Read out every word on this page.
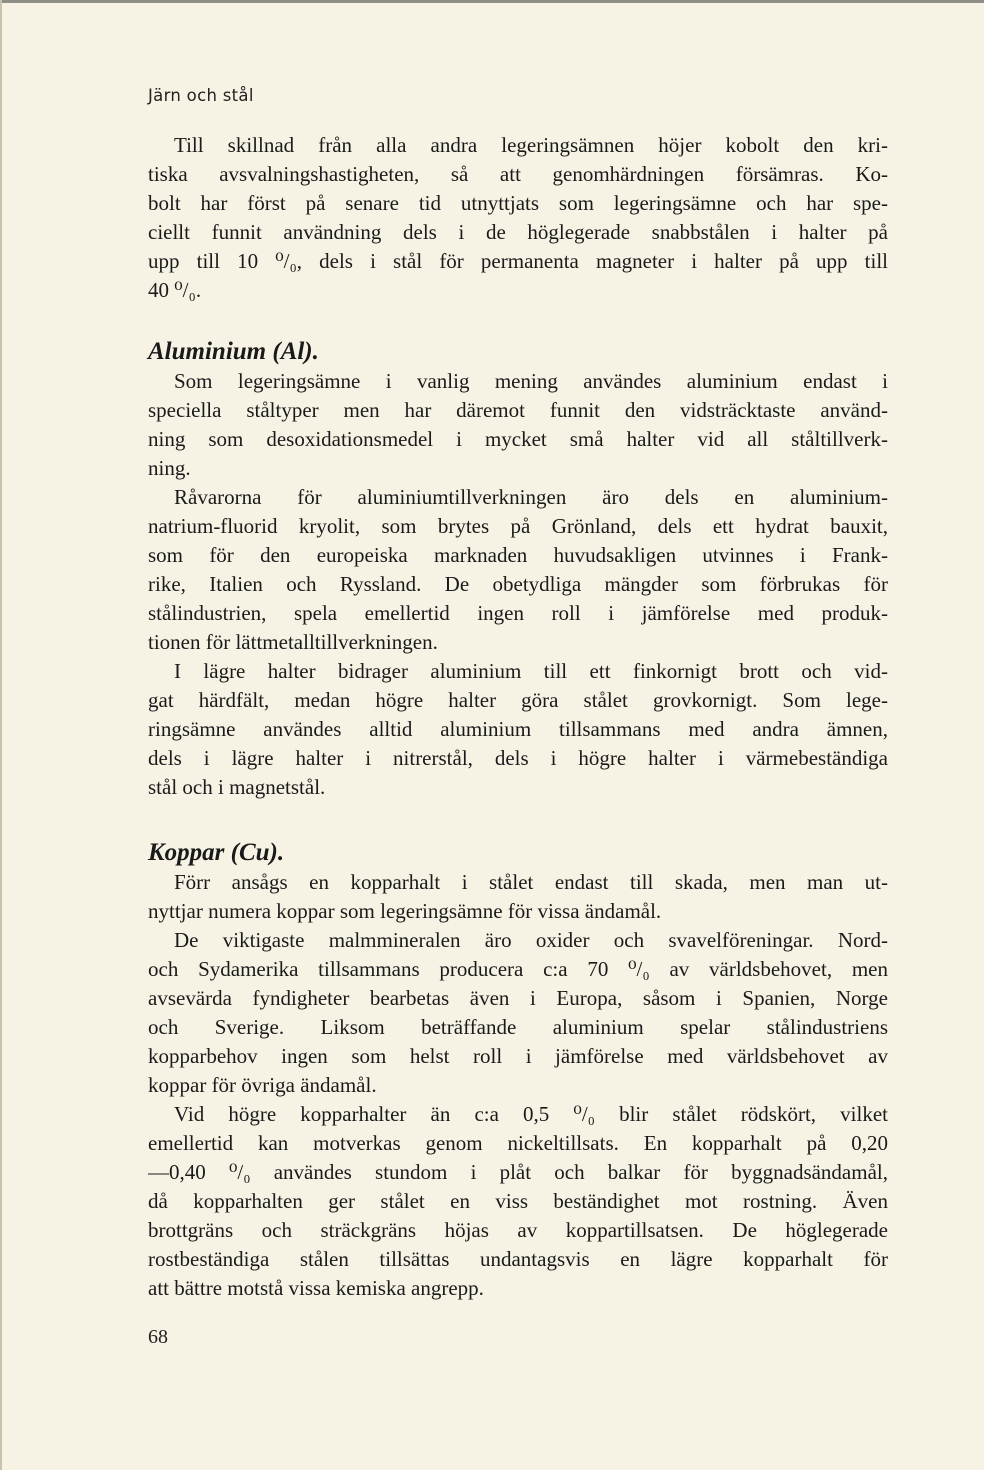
Järn och stål

Till skillnad från alla andra legeringsämnen höjer kobolt den kri-
tiska avsvalningshastigheten, så att genomhärdningen försämras. Ko-
bolt har först på senare tid utnyttjats som legeringsämne och har spe-
ciellt funnit användning dels i de höglegerade snabbstålen i halter på
upp till 10 ⁰/₀, dels i stål för permanenta magneter i halter på upp till
40 ⁰/₀.

Aluminium (Al).

Som legeringsämne i vanlig mening användes aluminium endast i
speciella ståltyper men har däremot funnit den vidsträcktaste använd-
ning som desoxidationsmedel i mycket små halter vid all ståltillverk-
ning.

Råvarorna för aluminiumtillverkningen äro dels en aluminium-
natrium-fluorid kryolit, som brytes på Grönland, dels ett hydrat bauxit,
som för den europeiska marknaden huvudsakligen utvinnes i Frank-
rike, Italien och Ryssland. De obetydliga mängder som förbrukas för
stålindustrien, spela emellertid ingen roll i jämförelse med produk-
tionen för lättmetalltillverkningen.

I lägre halter bidrager aluminium till ett finkornigt brott och vid-
gat härdfält, medan högre halter göra stålet grovkornigt. Som lege-
ringsämne användes alltid aluminium tillsammans med andra ämnen,
dels i lägre halter i nitrerstål, dels i högre halter i värmebeständiga
stål och i magnetstål.

Koppar (Cu).

Förr ansågs en kopparhalt i stålet endast till skada, men man ut-
nyttjar numera koppar som legeringsämne för vissa ändamål.

De viktigaste malmmineralen äro oxider och svavelföreningar. Nord-
och Sydamerika tillsammans producera c:a 70 ⁰/₀ av världsbehovet, men
avsevärda fyndigheter bearbetas även i Europa, såsom i Spanien, Norge
och Sverige. Liksom beträffande aluminium spelar stålindustriens
kopparbehov ingen som helst roll i jämförelse med världsbehovet av
koppar för övriga ändamål.

Vid högre kopparhalter än c:a 0,5 ⁰/₀ blir stålet rödskört, vilket
emellertid kan motverkas genom nickeltillsats. En kopparhalt på 0,20
—0,40 ⁰/₀ användes stundom i plåt och balkar för byggnadsändamål,
då kopparhalten ger stålet en viss beständighet mot rostning. Även
brottgräns och sträckgräns höjas av koppartillsatsen. De höglegerade
rostbeständiga stålen tillsättas undantagsvis en lägre kopparhalt för
att bättre motstå vissa kemiska angrepp.

68
